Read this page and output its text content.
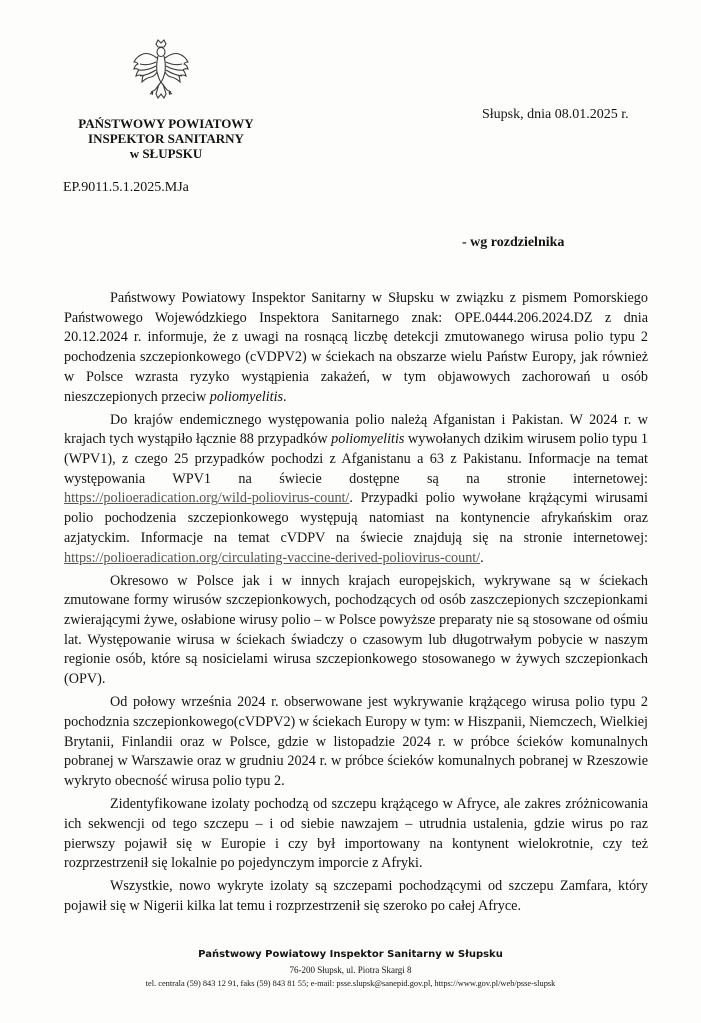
PAŃSTWOWY POWIATOWY
INSPEKTOR SANITARNY
w SŁUPSKU
Słupsk, dnia 08.01.2025 r.
EP.9011.5.1.2025.MJa
- wg rozdzielnika

Państwowy Powiatowy Inspektor Sanitarny w Słupsku w związku z pismem Pomorskiego Państwowego Wojewódzkiego Inspektora Sanitarnego znak: OPE.0444.206.2024.DZ z dnia 20.12.2024 r. informuje, że z uwagi na rosnącą liczbę detekcji zmutowanego wirusa polio typu 2 pochodzenia szczepionkowego (cVDPV2) w ściekach na obszarze wielu Państw Europy, jak również w Polsce wzrasta ryzyko wystąpienia zakażeń, w tym objawowych zachorowań u osób nieszczepionych przeciw poliomyelitis.

Do krajów endemicznego występowania polio należą Afganistan i Pakistan. W 2024 r. w krajach tych wystąpiło łącznie 88 przypadków poliomyelitis wywołanych dzikim wirusem polio typu 1 (WPV1), z czego 25 przypadków pochodzi z Afganistanu a 63 z Pakistanu. Informacje na temat występowania WPV1 na świecie dostępne są na stronie internetowej: https://polioeradication.org/wild-poliovirus-count/. Przypadki polio wywołane krążącymi wirusami polio pochodzenia szczepionkowego występują natomiast na kontynencie afrykańskim oraz azjatyckim. Informacje na temat cVDPV na świecie znajdują się na stronie internetowej: https://polioeradication.org/circulating-vaccine-derived-poliovirus-count/.

Okresowo w Polsce jak i w innych krajach europejskich, wykrywane są w ściekach zmutowane formy wirusów szczepionkowych, pochodzących od osób zaszczepionych szczepionkami zwierającymi żywe, osłabione wirusy polio – w Polsce powyższe preparaty nie są stosowane od ośmiu lat. Występowanie wirusa w ściekach świadczy o czasowym lub długotrwałym pobycie w naszym regionie osób, które są nosicielami wirusa szczepionkowego stosowanego w żywych szczepionkach (OPV).

Od połowy września 2024 r. obserwowane jest wykrywanie krążącego wirusa polio typu 2 pochodznia szczepionkowego(cVDPV2) w ściekach Europy w tym: w Hiszpanii, Niemczech, Wielkiej Brytanii, Finlandii oraz w Polsce, gdzie w listopadzie 2024 r. w próbce ścieków komunalnych pobranej w Warszawie oraz w grudniu 2024 r. w próbce ścieków komunalnych pobranej w Rzeszowie wykryto obecność wirusa polio typu 2.

Zidentyfikowane izolaty pochodzą od szczepu krążącego w Afryce, ale zakres zróżnicowania ich sekwencji od tego szczepu – i od siebie nawzajem – utrudnia ustalenia, gdzie wirus po raz pierwszy pojawił się w Europie i czy był importowany na kontynent wielokrotnie, czy też rozprzestrzenił się lokalnie po pojedynczym imporcie z Afryki.

Wszystkie, nowo wykryte izolaty są szczepami pochodzącymi od szczepu Zamfara, który pojawił się w Nigerii kilka lat temu i rozprzestrzenił się szeroko po całej Afryce.

Państwowy Powiatowy Inspektor Sanitarny w Słupsku
76-200 Słupsk, ul. Piotra Skargi 8
tel. centrala (59) 843 12 91, faks (59) 843 81 55; e-mail: psse.slupsk@sanepid.gov.pl, https://www.gov.pl/web/psse-slupsk
